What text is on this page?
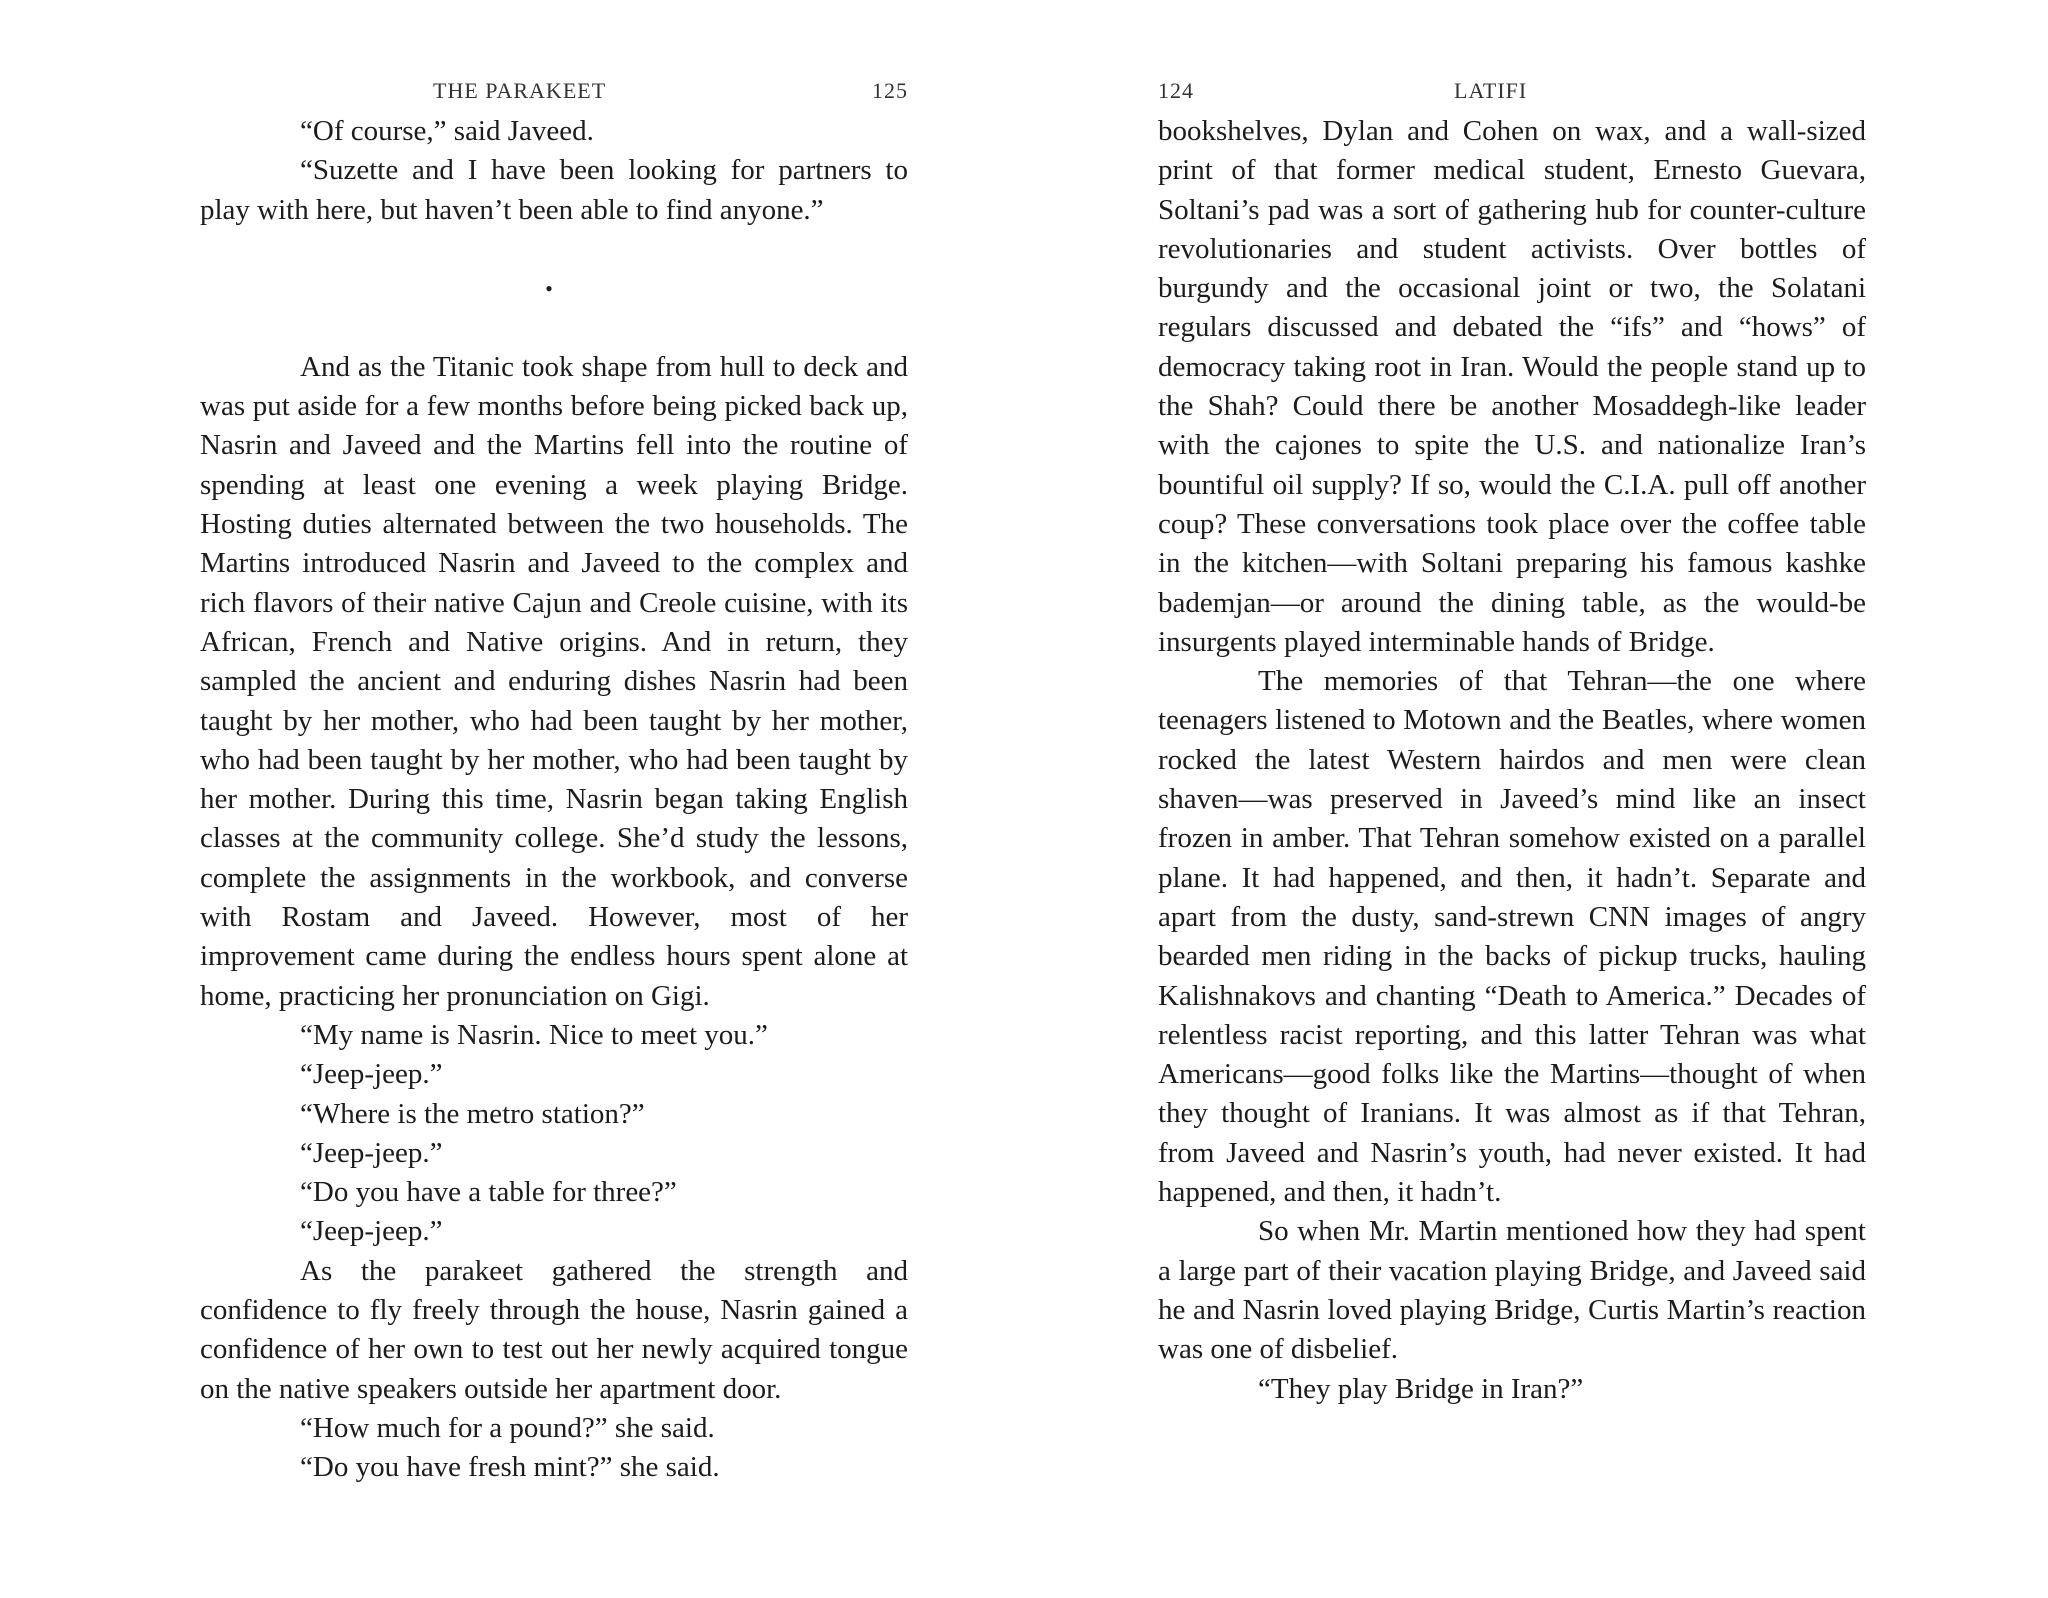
THE PARAKEET	125

“Of course,” said Javeed.

“Suzette and I have been looking for partners to play with here, but haven’t been able to find anyone.”

•

And as the Titanic took shape from hull to deck and was put aside for a few months before being picked back up, Nasrin and Javeed and the Martins fell into the routine of spending at least one evening a week playing Bridge. Hosting duties alternated between the two households. The Martins introduced Nasrin and Javeed to the complex and rich flavors of their native Cajun and Creole cuisine, with its African, French and Native origins. And in return, they sampled the ancient and enduring dishes Nasrin had been taught by her mother, who had been taught by her mother, who had been taught by her mother, who had been taught by her mother. During this time, Nasrin began taking English classes at the community college. She’d study the lessons, complete the assignments in the workbook, and converse with Rostam and Javeed. However, most of her improvement came during the endless hours spent alone at home, practicing her pronunciation on Gigi.

“My name is Nasrin. Nice to meet you.”

“Jeep-jeep.”

“Where is the metro station?”

“Jeep-jeep.”

“Do you have a table for three?”

“Jeep-jeep.”

As the parakeet gathered the strength and confidence to fly freely through the house, Nasrin gained a confidence of her own to test out her newly acquired tongue on the native speakers outside her apartment door.

“How much for a pound?” she said.

“Do you have fresh mint?” she said.

124	LATIFI

bookshelves, Dylan and Cohen on wax, and a wall-sized print of that former medical student, Ernesto Guevara, Soltani’s pad was a sort of gathering hub for counter-culture revolutionaries and student activists. Over bottles of burgundy and the occasional joint or two, the Solatani regulars discussed and debated the “ifs” and “hows” of democracy taking root in Iran. Would the people stand up to the Shah? Could there be another Mosaddegh-like leader with the cajones to spite the U.S. and nationalize Iran’s bountiful oil supply? If so, would the C.I.A. pull off another coup? These conversations took place over the coffee table in the kitchen—with Soltani preparing his famous kashke bademjan—or around the dining table, as the would-be insurgents played interminable hands of Bridge.

The memories of that Tehran—the one where teenagers listened to Motown and the Beatles, where women rocked the latest Western hairdos and men were clean shaven—was preserved in Javeed’s mind like an insect frozen in amber. That Tehran somehow existed on a parallel plane. It had happened, and then, it hadn’t. Separate and apart from the dusty, sand-strewn CNN images of angry bearded men riding in the backs of pickup trucks, hauling Kalishnakovs and chanting “Death to America.” Decades of relentless racist reporting, and this latter Tehran was what Americans—good folks like the Martins—thought of when they thought of Iranians. It was almost as if that Tehran, from Javeed and Nasrin’s youth, had never existed. It had happened, and then, it hadn’t.

So when Mr. Martin mentioned how they had spent a large part of their vacation playing Bridge, and Javeed said he and Nasrin loved playing Bridge, Curtis Martin’s reaction was one of disbelief.

“They play Bridge in Iran?”
